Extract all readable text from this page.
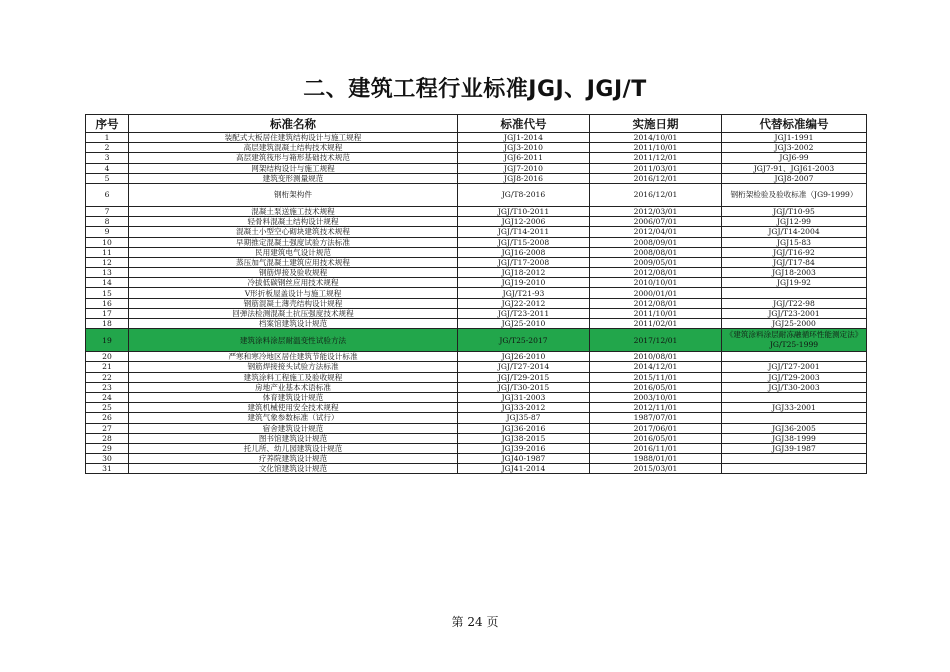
二、建筑工程行业标准JGJ、JGJ/T
序号	标准名称	标准代号	实施日期	代替标准编号
1	装配式大板居住建筑结构设计与施工规程	JGJ1-2014	2014/10/01	JGJ1-1991
2	高层建筑混凝土结构技术规程	JGJ3-2010	2011/10/01	JGJ3-2002
3	高层建筑筏形与箱形基础技术规范	JGJ6-2011	2011/12/01	JGJ6-99
4	网架结构设计与施工规程	JGJ7-2010	2011/03/01	JGJ7-91、JGJ61-2003
5	建筑变形测量规范	JGJ8-2016	2016/12/01	JGJ8-2007
6	钢桁架构件	JG/T8-2016	2016/12/01	钢桁架检验及验收标准（JG9-1999）
7	混凝土泵送施工技术规程	JGJ/T10-2011	2012/03/01	JGJ/T10-95
8	轻骨料混凝土结构设计规程	JGJ12-2006	2006/07/01	JGJ12-99
9	混凝土小型空心砌块建筑技术规程	JGJ/T14-2011	2012/04/01	JGJ/T14-2004
10	早期推定混凝土强度试验方法标准	JGJ/T15-2008	2008/09/01	JGJ15-83
11	民用建筑电气设计规范	JGJ16-2008	2008/08/01	JGJ/T16-92
12	蒸压加气混凝土建筑应用技术规程	JGJ/T17-2008	2009/05/01	JGJ/T17-84
13	钢筋焊接及验收规程	JGJ18-2012	2012/08/01	JGJ18-2003
14	冷拔低碳钢丝应用技术规程	JGJ19-2010	2010/10/01	JGJ19-92
15	V形折板屋盖设计与施工规程	JGJ/T21-93	2000/01/01	
16	钢筋混凝土薄壳结构设计规程	JGJ22-2012	2012/08/01	JGJ/T22-98
17	回弹法检测混凝土抗压强度技术规程	JGJ/T23-2011	2011/10/01	JGJ/T23-2001
18	档案馆建筑设计规范	JGJ25-2010	2011/02/01	JGJ25-2000
19	建筑涂料涂层耐温变性试验方法	JG/T25-2017	2017/12/01	《建筑涂料涂层耐冻融循环性能测定法》JG/T25-1999
20	严寒和寒冷地区居住建筑节能设计标准	JGJ26-2010	2010/08/01	
21	钢筋焊接接头试验方法标准	JGJ/T27-2014	2014/12/01	JGJ/T27-2001
22	建筑涂料工程施工及验收规程	JGJ/T29-2015	2015/11/01	JGJ/T29-2003
23	房地产业基本术语标准	JGJ/T30-2015	2016/05/01	JGJ/T30-2003
24	体育建筑设计规范	JGJ31-2003	2003/10/01	
25	建筑机械使用安全技术规程	JGJ33-2012	2012/11/01	JGJ33-2001
26	建筑气象参数标准（试行）	JGJ35-87	1987/07/01	
27	宿舍建筑设计规范	JGJ36-2016	2017/06/01	JGJ36-2005
28	图书馆建筑设计规范	JGJ38-2015	2016/05/01	JGJ38-1999
29	托儿所、幼儿园建筑设计规范	JGJ39-2016	2016/11/01	JGJ39-1987
30	疗养院建筑设计规范	JGJ40-1987	1988/01/01	
31	文化馆建筑设计规范	JGJ41-2014	2015/03/01	
第 24 页
